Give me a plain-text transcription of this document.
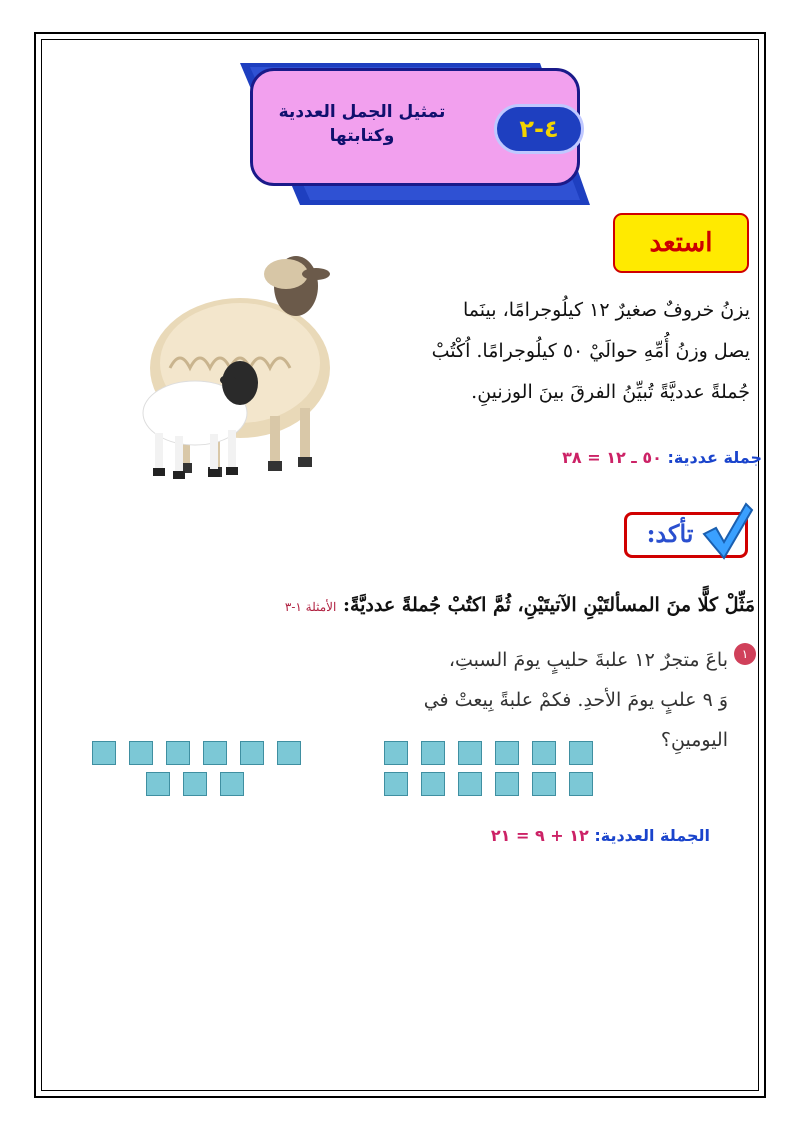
تمثيل الجمل العددية
وكتابتها	٤-٢
استعد
يزنُ خروفٌ صغيرٌ ١٢ كيلُوجرامًا، بينَما
يصل وزنُ أُمِّهِ حوالَيْ ٥٠ كيلُوجرامًا. اُكْتُبْ
جُملةً عدديَّةً تُبيِّنُ الفرقَ بينَ الوزنينِ.
جملة عددية: ٥٠ ـ ١٢ = ٣٨
تأكد:
مَثِّلْ كلًّا منَ المسألتَيْنِ الآتيتَيْنِ، ثُمَّ اكتُبْ جُملةً عدديَّةً: الأمثلة ١-٣
١
باعَ متجرٌ ١٢ علبةَ حليبٍ يومَ السبتِ،
وَ ٩ علبٍ يومَ الأحدِ. فكمْ علبةً بِيعتْ في
اليومينِ؟
الجملة العددية: ١٢ + ٩ = ٢١
